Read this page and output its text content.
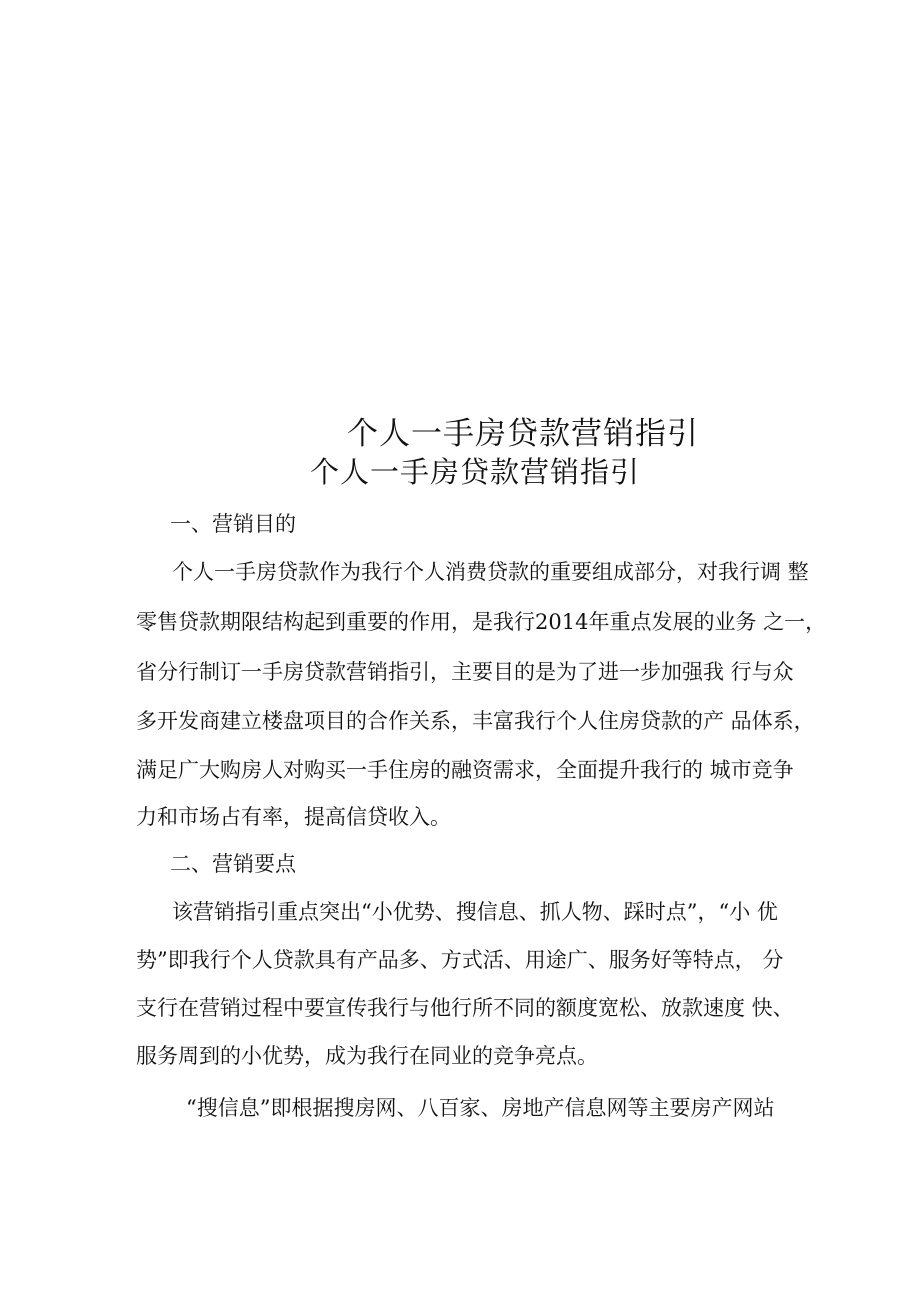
个人一手房贷款营销指引
个人一手房贷款营销指引
一、营销目的
个人一手房贷款作为我行个人消费贷款的重要组成部分，对我行调 整
零售贷款期限结构起到重要的作用，是我行2014年重点发展的业务 之一，
省分行制订一手房贷款营销指引，主要目的是为了进一步加强我 行与众
多开发商建立楼盘项目的合作关系，丰富我行个人住房贷款的产 品体系，
满足广大购房人对购买一手住房的融资需求，全面提升我行的 城市竞争
力和市场占有率，提高信贷收入。
二、营销要点
该营销指引重点突出“小优势、搜信息、抓人物、踩时点”，“小 优
势”即我行个人贷款具有产品多、方式活、用途广、服务好等特点， 分
支行在营销过程中要宣传我行与他行所不同的额度宽松、放款速度 快、
服务周到的小优势，成为我行在同业的竞争亮点。
“搜信息”即根据搜房网、八百家、房地产信息网等主要房产网站
